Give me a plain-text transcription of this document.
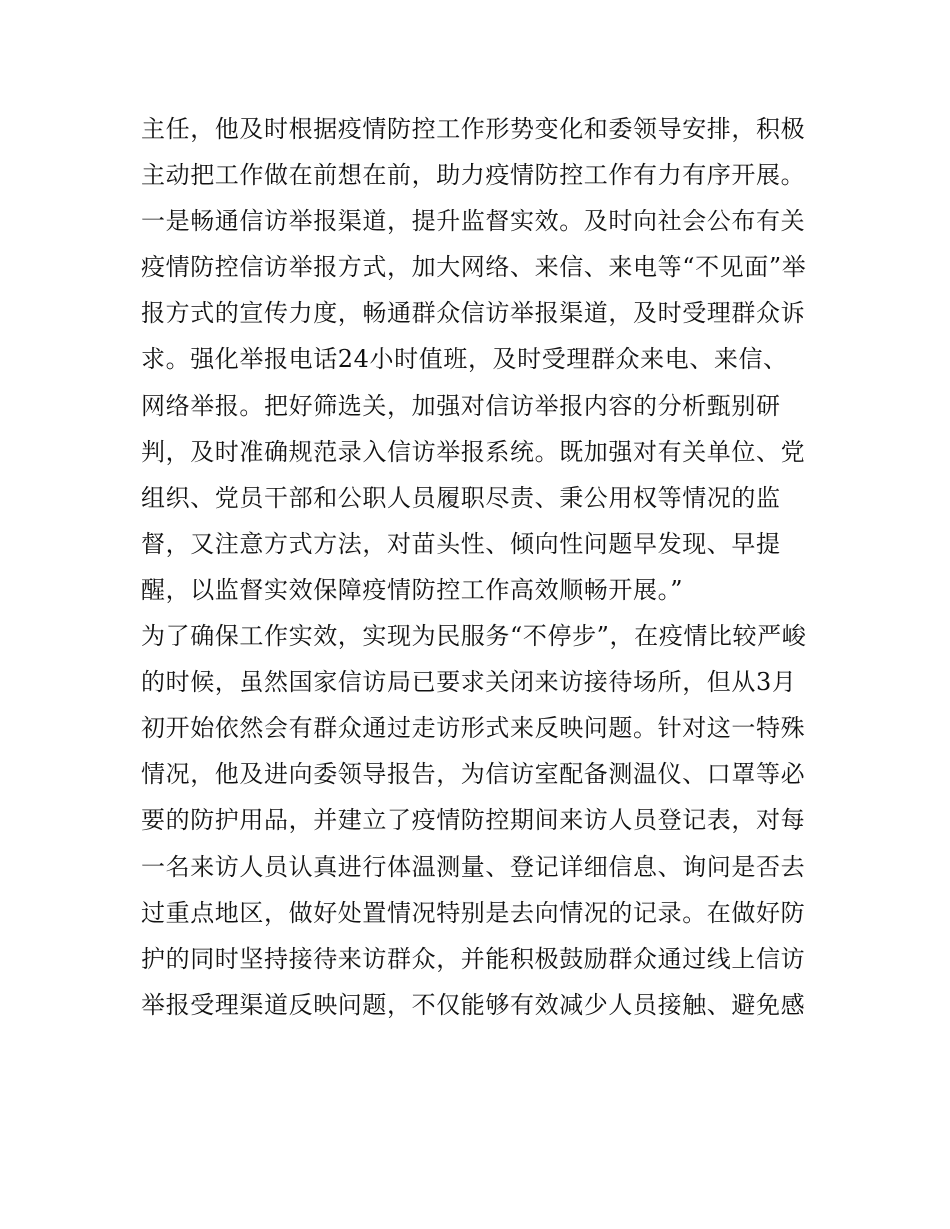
主任，他及时根据疫情防控工作形势变化和委领导安排，积极
主动把工作做在前想在前，助力疫情防控工作有力有序开展。
一是畅通信访举报渠道，提升监督实效。及时向社会公布有关
疫情防控信访举报方式，加大网络、来信、来电等“不见面”举
报方式的宣传力度，畅通群众信访举报渠道，及时受理群众诉
求。强化举报电话24小时值班，及时受理群众来电、来信、
网络举报。把好筛选关，加强对信访举报内容的分析甄别研
判，及时准确规范录入信访举报系统。既加强对有关单位、党
组织、党员干部和公职人员履职尽责、秉公用权等情况的监
督，又注意方式方法，对苗头性、倾向性问题早发现、早提
醒，以监督实效保障疫情防控工作高效顺畅开展。”
为了确保工作实效，实现为民服务“不停步”，在疫情比较严峻
的时候，虽然国家信访局已要求关闭来访接待场所，但从3月
初开始依然会有群众通过走访形式来反映问题。针对这一特殊
情况，他及进向委领导报告，为信访室配备测温仪、口罩等必
要的防护用品，并建立了疫情防控期间来访人员登记表，对每
一名来访人员认真进行体温测量、登记详细信息、询问是否去
过重点地区，做好处置情况特别是去向情况的记录。在做好防
护的同时坚持接待来访群众，并能积极鼓励群众通过线上信访
举报受理渠道反映问题，不仅能够有效减少人员接触、避免感
